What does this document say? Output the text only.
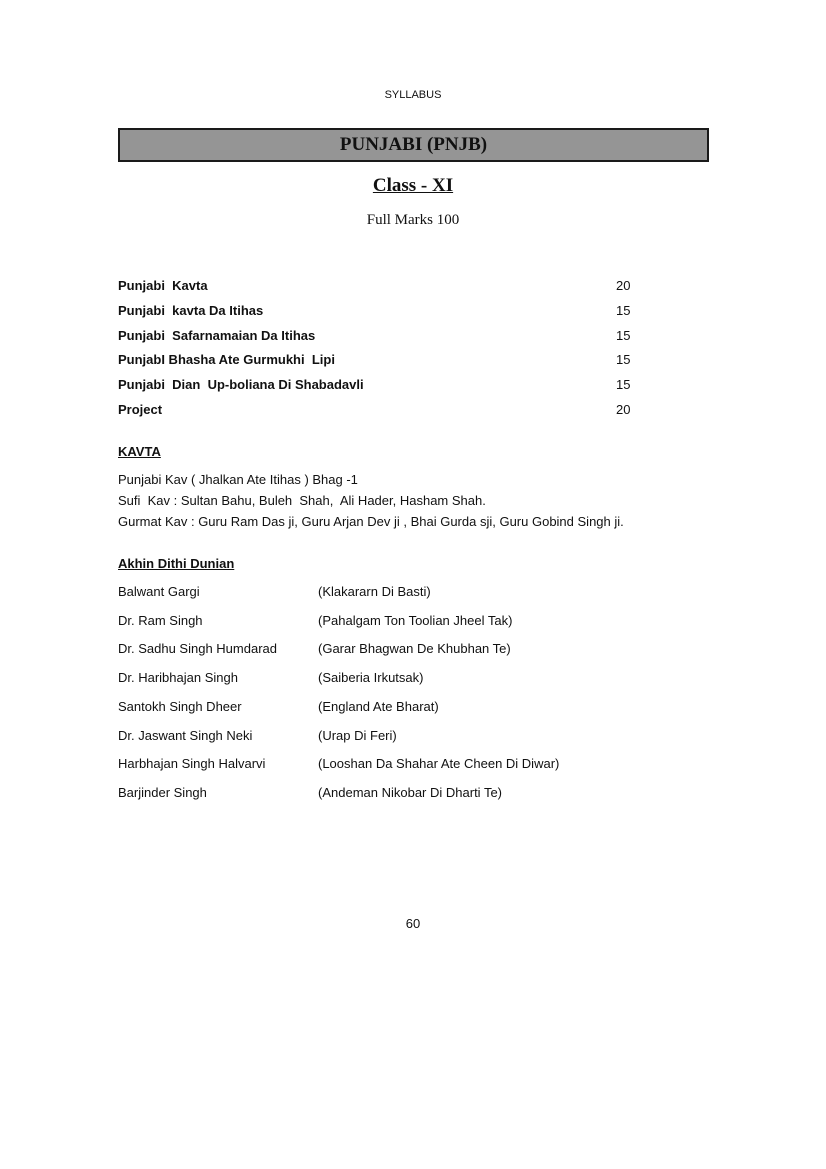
SYLLABUS
PUNJABI (PNJB)
Class - XI
Full Marks 100
Punjabi  Kavta	20
Punjabi  kavta Da Itihas	15
Punjabi  Safarnamaian Da Itihas	15
PunjabI Bhasha Ate Gurmukhi  Lipi	15
Punjabi  Dian  Up-boliana Di Shabadavli	15
Project	20
KAVTA
Punjabi Kav ( Jhalkan Ate Itihas ) Bhag -1
Sufi  Kav : Sultan Bahu, Buleh  Shah,  Ali Hader, Hasham Shah.
Gurmat Kav : Guru Ram Das ji, Guru Arjan Dev ji , Bhai Gurda sji, Guru Gobind Singh ji.
Akhin Dithi Dunian
Balwant Gargi	(Klakararn Di Basti)
Dr. Ram Singh	(Pahalgam Ton Toolian Jheel Tak)
Dr. Sadhu Singh Humdarad	(Garar Bhagwan De Khubhan Te)
Dr. Haribhajan Singh	(Saiberia Irkutsak)
Santokh Singh Dheer	(England Ate Bharat)
Dr. Jaswant Singh Neki	(Urap Di Feri)
Harbhajan Singh Halvarvi	(Looshan Da Shahar Ate Cheen Di Diwar)
Barjinder Singh	(Andeman Nikobar Di Dharti Te)
60
